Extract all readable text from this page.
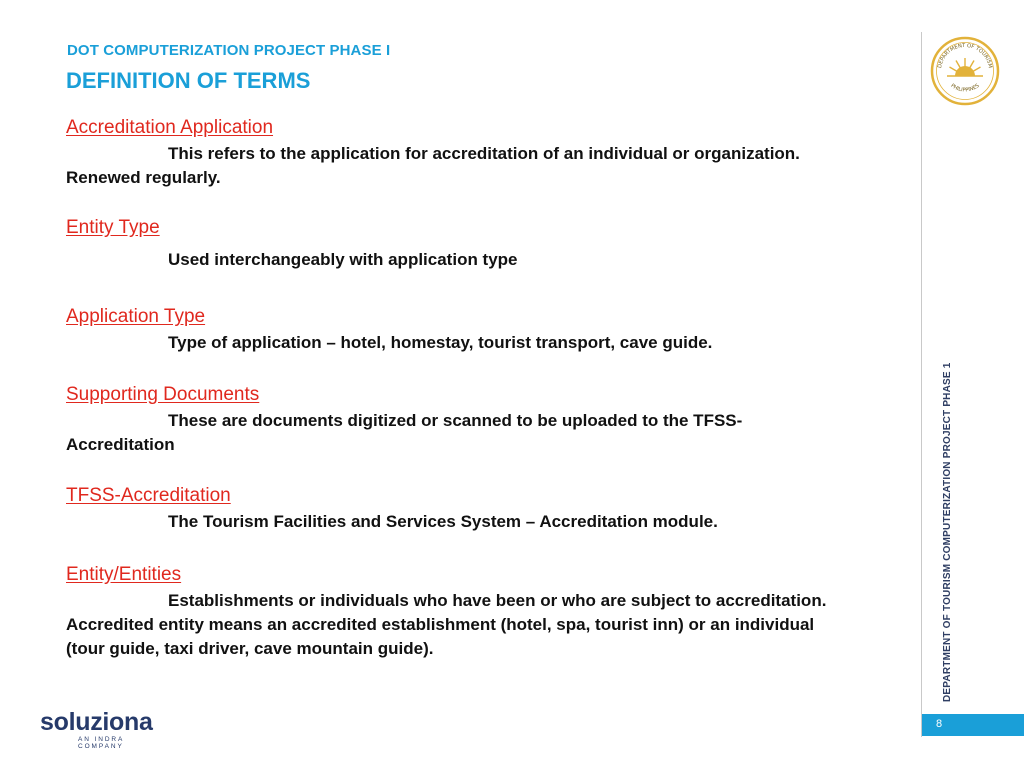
DOT COMPUTERIZATION PROJECT PHASE I
DEFINITION OF TERMS
Accreditation Application
This refers to the application for accreditation of an individual or organization. Renewed regularly.
Entity Type
Used interchangeably with application type
Application Type
Type of application – hotel, homestay, tourist transport, cave guide.
Supporting Documents
These are documents digitized or scanned to be uploaded to the TFSS-Accreditation
TFSS-Accreditation
The Tourism Facilities and Services System – Accreditation module.
Entity/Entities
Establishments or individuals who have been or who are subject to accreditation. Accredited entity means an accredited establishment (hotel, spa, tourist inn) or an individual (tour guide, taxi driver, cave mountain guide).
DEPARTMENT OF TOURISM
PHILIPPINES
DEPARTMENT OF TOURISM COMPUTERIZATION PROJECT PHASE 1
8
soluziona
AN INDRA COMPANY
